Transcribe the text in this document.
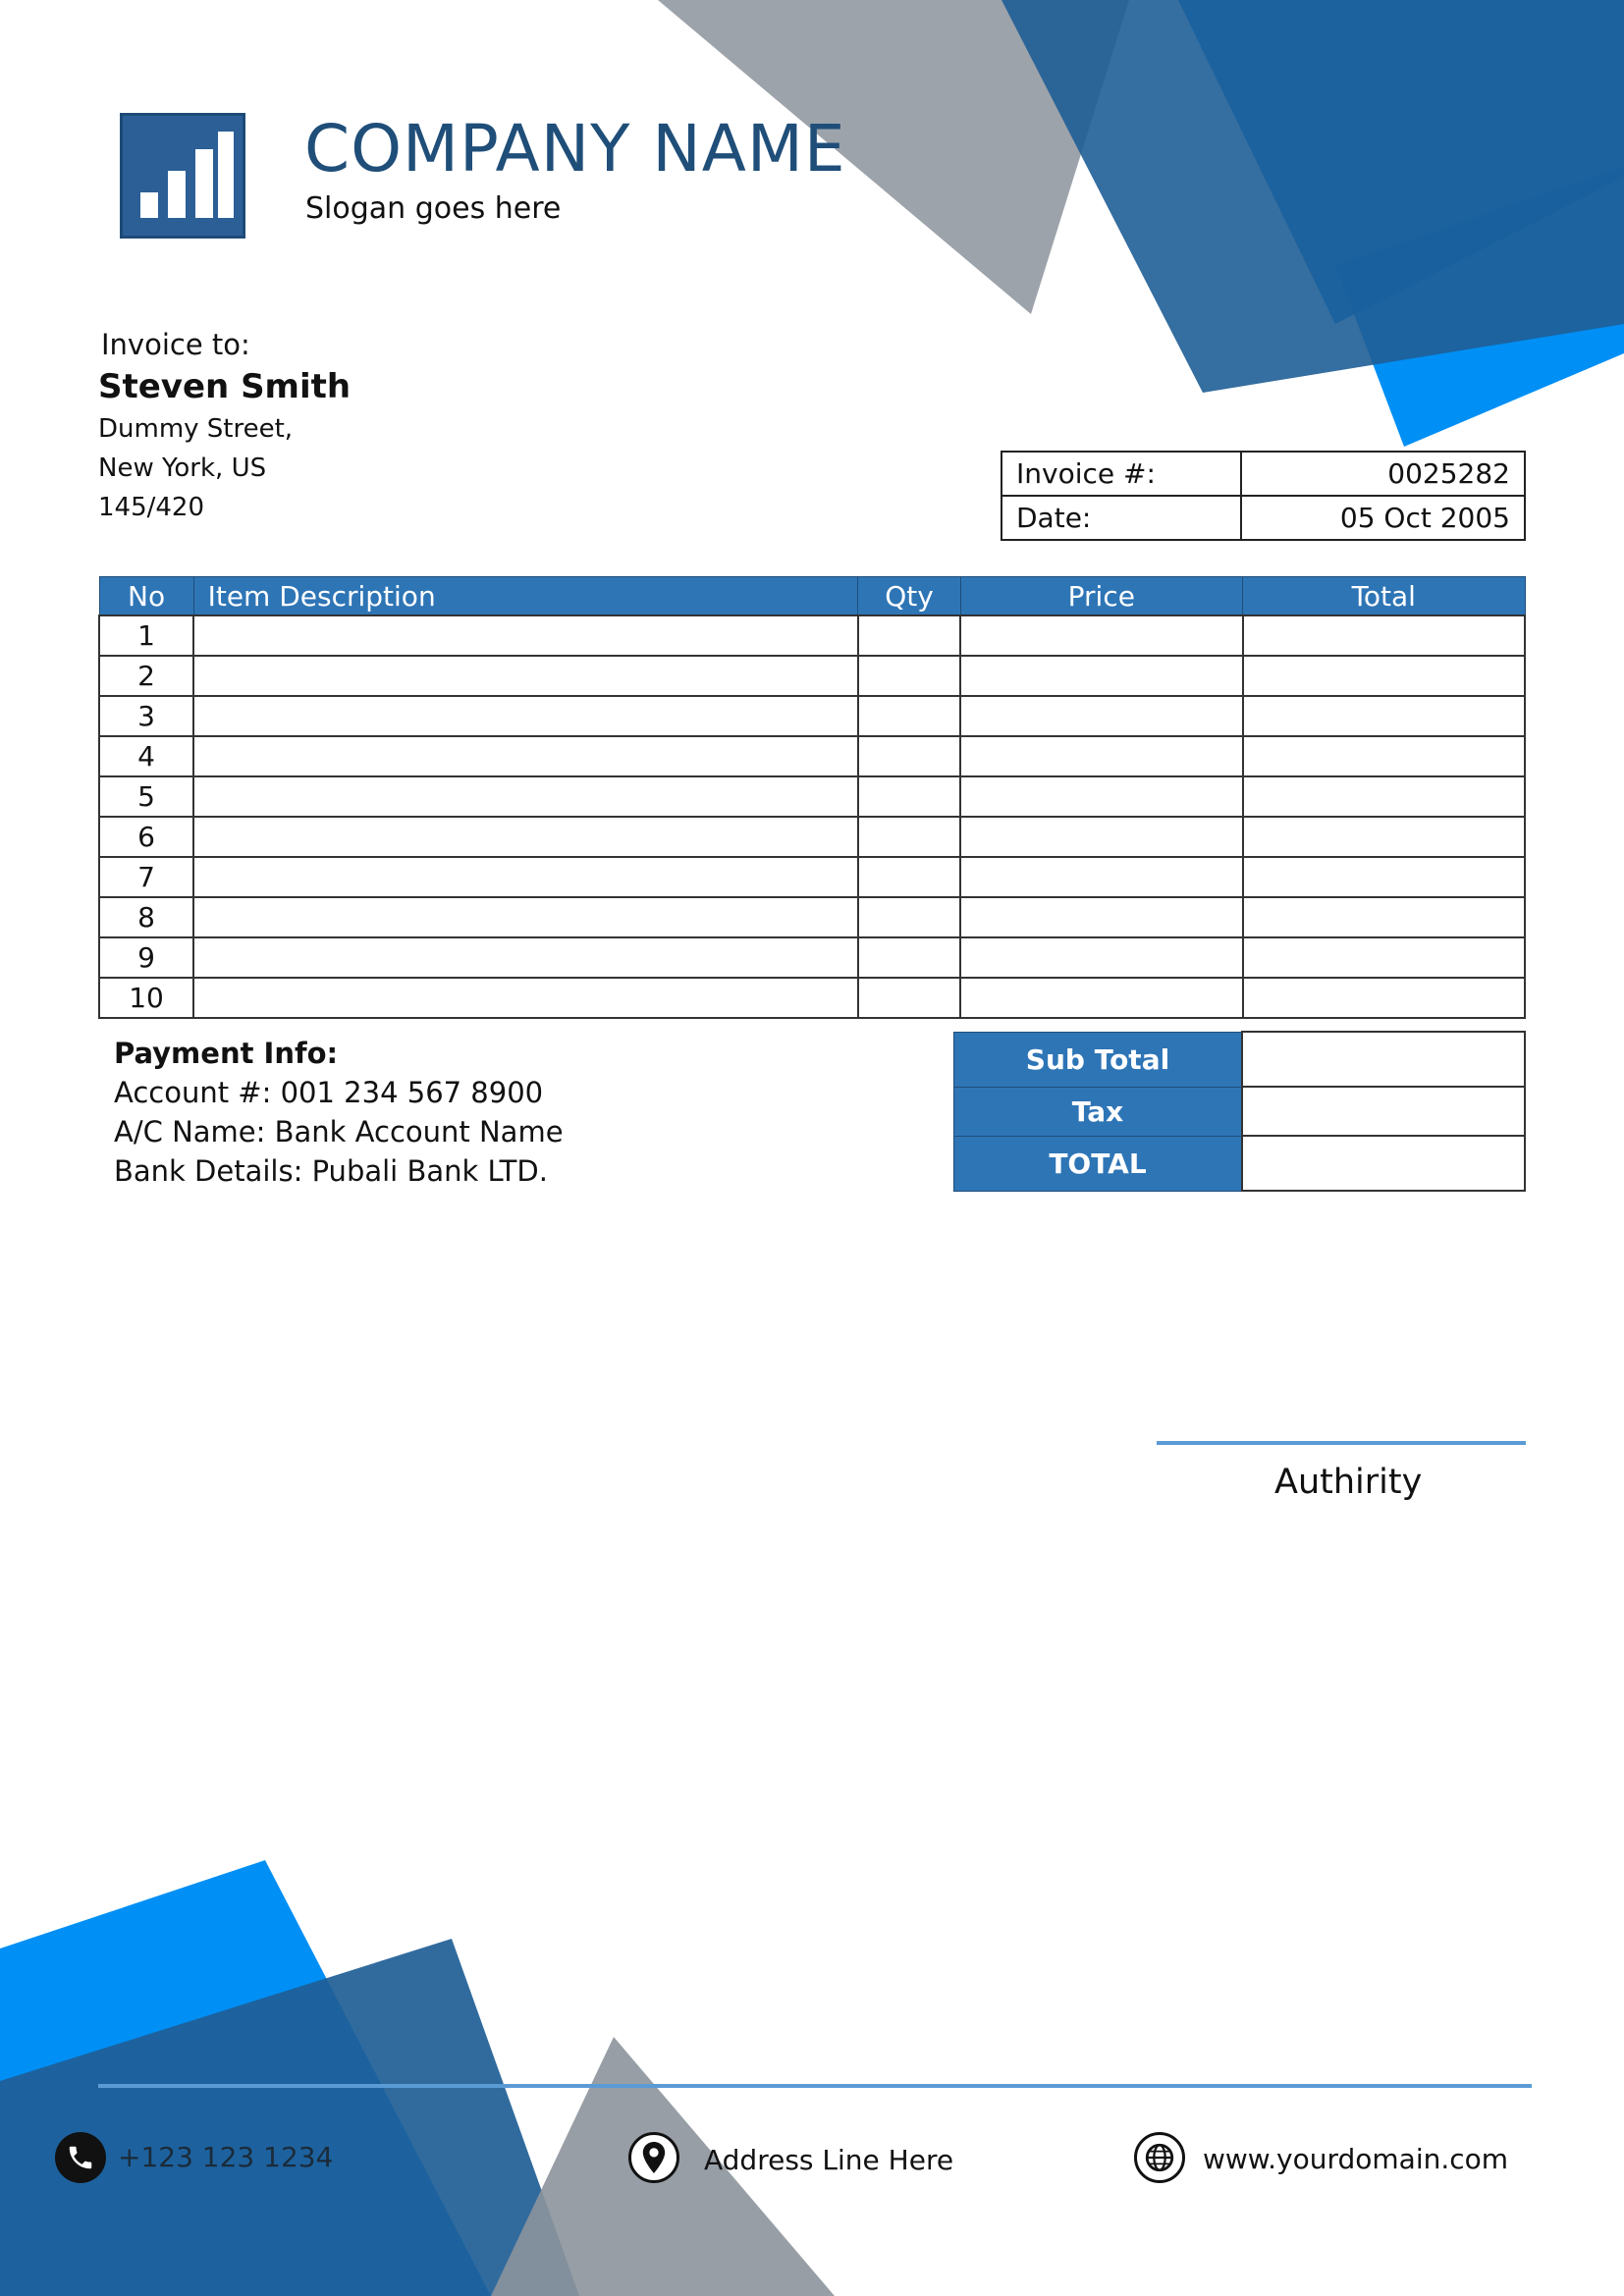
COMPANY NAME
Slogan goes here
Invoice to:
Steven Smith
Dummy Street,
New York, US
145/420
Invoice #:	0025282
Date:	05 Oct 2005
No	Item Description	Qty	Price	Total
1				
2				
3				
4				
5				
6				
7				
8				
9				
10				
Payment Info:
Account #: 001 234 567 8900
A/C Name: Bank Account Name
Bank Details: Pubali Bank LTD.
Sub Total	
Tax	
TOTAL	
Authirity
+123 123 1234	Address Line Here	www.yourdomain.com
